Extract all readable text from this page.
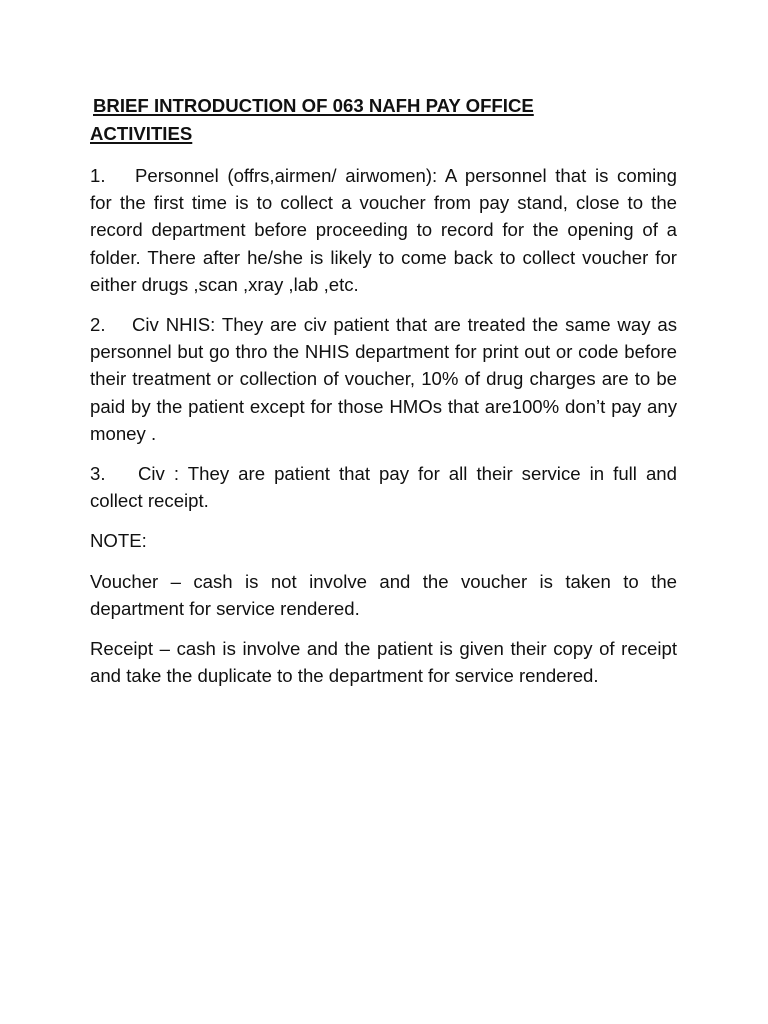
BRIEF INTRODUCTION OF 063 NAFH PAY OFFICE
ACTIVITIES

1. Personnel (offrs,airmen/ airwomen): A personnel that is coming for the first time is to collect a voucher from pay stand, close to the record department before proceeding to record for the opening of a folder. There after he/she is likely to come back to collect voucher for either drugs ,scan ,xray ,lab ,etc.

2. Civ NHIS: They are civ patient that are treated the same way as personnel but go thro the NHIS department for print out or code before their treatment or collection of voucher, 10% of drug charges are to be paid by the patient except for those HMOs that are100% don’t pay any money .

3. Civ : They are patient that pay for all their service in full and collect receipt.

NOTE:

Voucher – cash is not involve and the voucher is taken to the department for service rendered.

Receipt – cash is involve and the patient is given their copy of receipt and take the duplicate to the department for service rendered.
